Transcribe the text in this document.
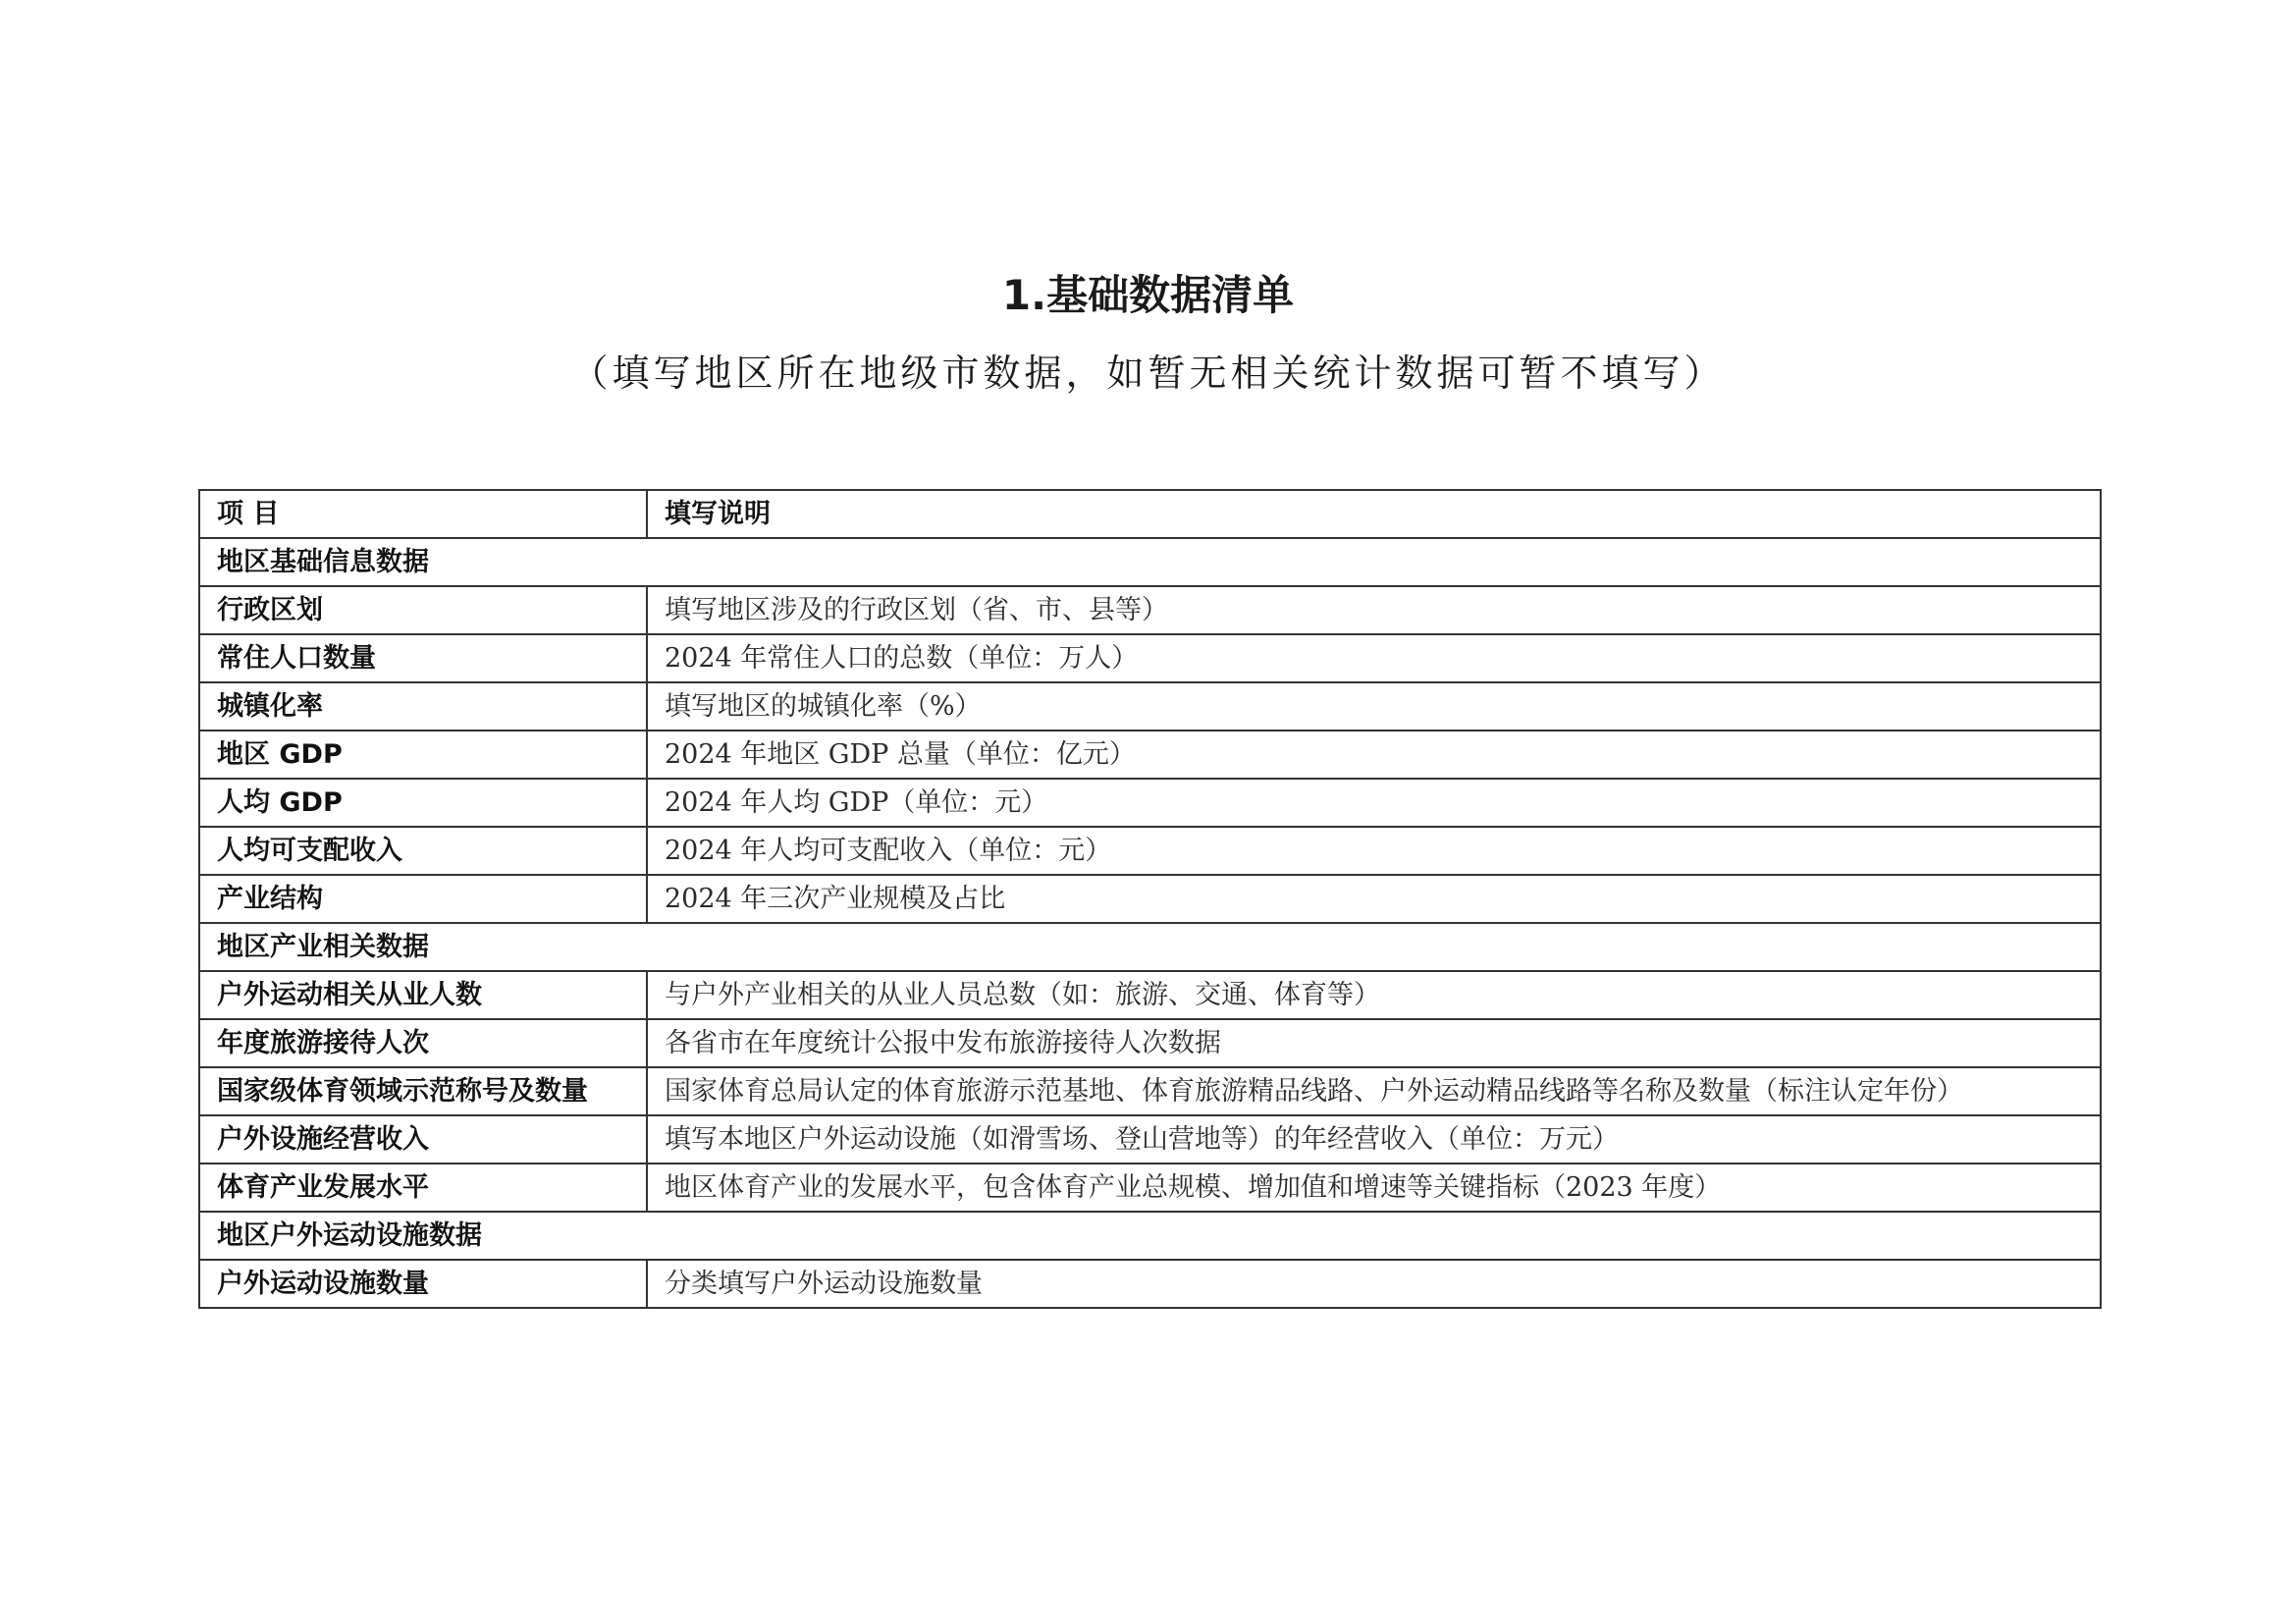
1.基础数据清单

（填写地区所在地级市数据，如暂无相关统计数据可暂不填写）

项 目	填写说明
地区基础信息数据	
行政区划	填写地区涉及的行政区划（省、市、县等）
常住人口数量	2024 年常住人口的总数（单位：万人）
城镇化率	填写地区的城镇化率（%）
地区 GDP	2024 年地区 GDP 总量（单位：亿元）
人均 GDP	2024 年人均 GDP（单位：元）
人均可支配收入	2024 年人均可支配收入（单位：元）
产业结构	2024 年三次产业规模及占比
地区产业相关数据	
户外运动相关从业人数	与户外产业相关的从业人员总数（如：旅游、交通、体育等）
年度旅游接待人次	各省市在年度统计公报中发布旅游接待人次数据
国家级体育领域示范称号及数量	国家体育总局认定的体育旅游示范基地、体育旅游精品线路、户外运动精品线路等名称及数量（标注认定年份）
户外设施经营收入	填写本地区户外运动设施（如滑雪场、登山营地等）的年经营收入（单位：万元）
体育产业发展水平	地区体育产业的发展水平，包含体育产业总规模、增加值和增速等关键指标（2023 年度）
地区户外运动设施数据	
户外运动设施数量	分类填写户外运动设施数量
